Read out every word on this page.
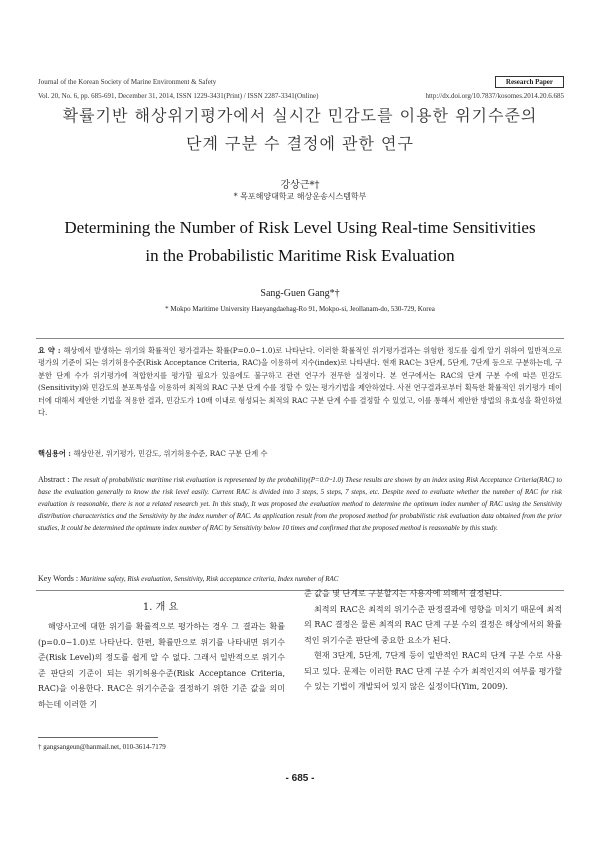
Journal of the Korean Society of Marine Environment & Safety
Vol. 20, No. 6, pp. 685-691, December 31, 2014, ISSN 1229-3431(Print) / ISSN 2287-3341(Online)	http://dx.doi.org/10.7837/kosomes.2014.20.6.685
Research Paper
확률기반 해상위기평가에서 실시간 민감도를 이용한 위기수준의
단계 구분 수 결정에 관한 연구
강상근*†
* 목포해양대학교 해상운송시스템학부
Determining the Number of Risk Level Using Real-time Sensitivities
in the Probabilistic Maritime Risk Evaluation
Sang-Guen Gang*†
* Mokpo Maritime University Haeyangdaehag-Ro 91, Mokpo-si, Jeollanam-do, 530-729, Korea
요 약 : 해상에서 발생하는 위기의 확률적인 평가결과는 확률(P=0.0~1.0)로 나타난다. 이러한 확률적인 위기평가결과는 위험한 정도를 쉽게 알기 위하여 일반적으로 평가의 기준이 되는 위기허용수준(Risk Acceptance Criteria, RAC)을 이용하여 지수(index)로 나타낸다. 현재 RAC는 3단계, 5단계, 7단계 등으로 구분하는데, 구분한 단계 수가 위기평가에 적합한지를 평가할 필요가 있음에도 불구하고 관련 연구가 전무한 실정이다. 본 연구에서는 RAC의 단계 구분 수에 따른 민감도(Sensitivity)와 민감도의 분포특성을 이용하여 최적의 RAC 구분 단계 수를 정할 수 있는 평가기법을 제안하였다. 사전 연구결과로부터 획득한 확률적인 위기평가 데이터에 대해서 제안한 기법을 적용한 결과, 민감도가 10배 이내로 형성되는 최적의 RAC 구분 단계 수를 결정할 수 있었고, 이를 통해서 제안한 방법의 유효성을 확인하였다.
핵심용어 : 해상안전, 위기평가, 민감도, 위기허용수준, RAC 구분 단계 수
Abstract : The result of probabilistic maritime risk evaluation is represented by the probability(P=0.0~1.0) These results are shown by an index using Risk Acceptance Criteria(RAC) to base the evaluation generally to know the risk level easily. Current RAC is divided into 3 steps, 5 steps, 7 steps, etc. Despite need to evaluate whether the number of RAC for risk evaluation is reasonable, there is not a related research yet. In this study, It was proposed the evaluation method to determine the optimum index number of RAC using the Sensitivity distribution characteristics and the Sensitivity by the index number of RAC. As application result from the proposed method for probabilistic risk evaluation data obtained from the prior studies, It could be determined the optimum index number of RAC by Sensitivity below 10 times and confirmed that the proposed method is reasonable by this study.
Key Words : Maritime safety, Risk evaluation, Sensitivity, Risk acceptance criteria, Index number of RAC
1. 개 요

해양사고에 대한 위기를 확률적으로 평가하는 경우 그 결과는 확률(p=0.0~1.0)로 나타난다. 한편, 확률만으로 위기를 나타내면 위기수준(Risk Level)의 정도를 쉽게 알 수 없다. 그래서 일반적으로 위기수준 판단의 기준이 되는 위기허용수준(Risk Acceptance Criteria, RAC)을 이용한다. RAC은 위기수준을 결정하기 위한 기준 값을 의미하는데 이러한 기

준 값을 몇 단계로 구분할지는 사용자에 의해서 결정된다.

최적의 RAC은 최적의 위기수준 판정결과에 영향을 미치기 때문에 최적의 RAC 결정은 물론 최적의 RAC 단계 구분 수의 결정은 해상에서의 확률적인 위기수준 판단에 중요한 요소가 된다.

현재 3단계, 5단계, 7단계 등이 일반적인 RAC의 단계 구분 수로 사용되고 있다. 문제는 이러한 RAC 단계 구분 수가 최적인지의 여부를 평가할 수 있는 기법이 개발되어 있지 않은 실정이다(Yim, 2009).

† gangsangeun@hanmail.net, 010-3614-7179
- 685 -
